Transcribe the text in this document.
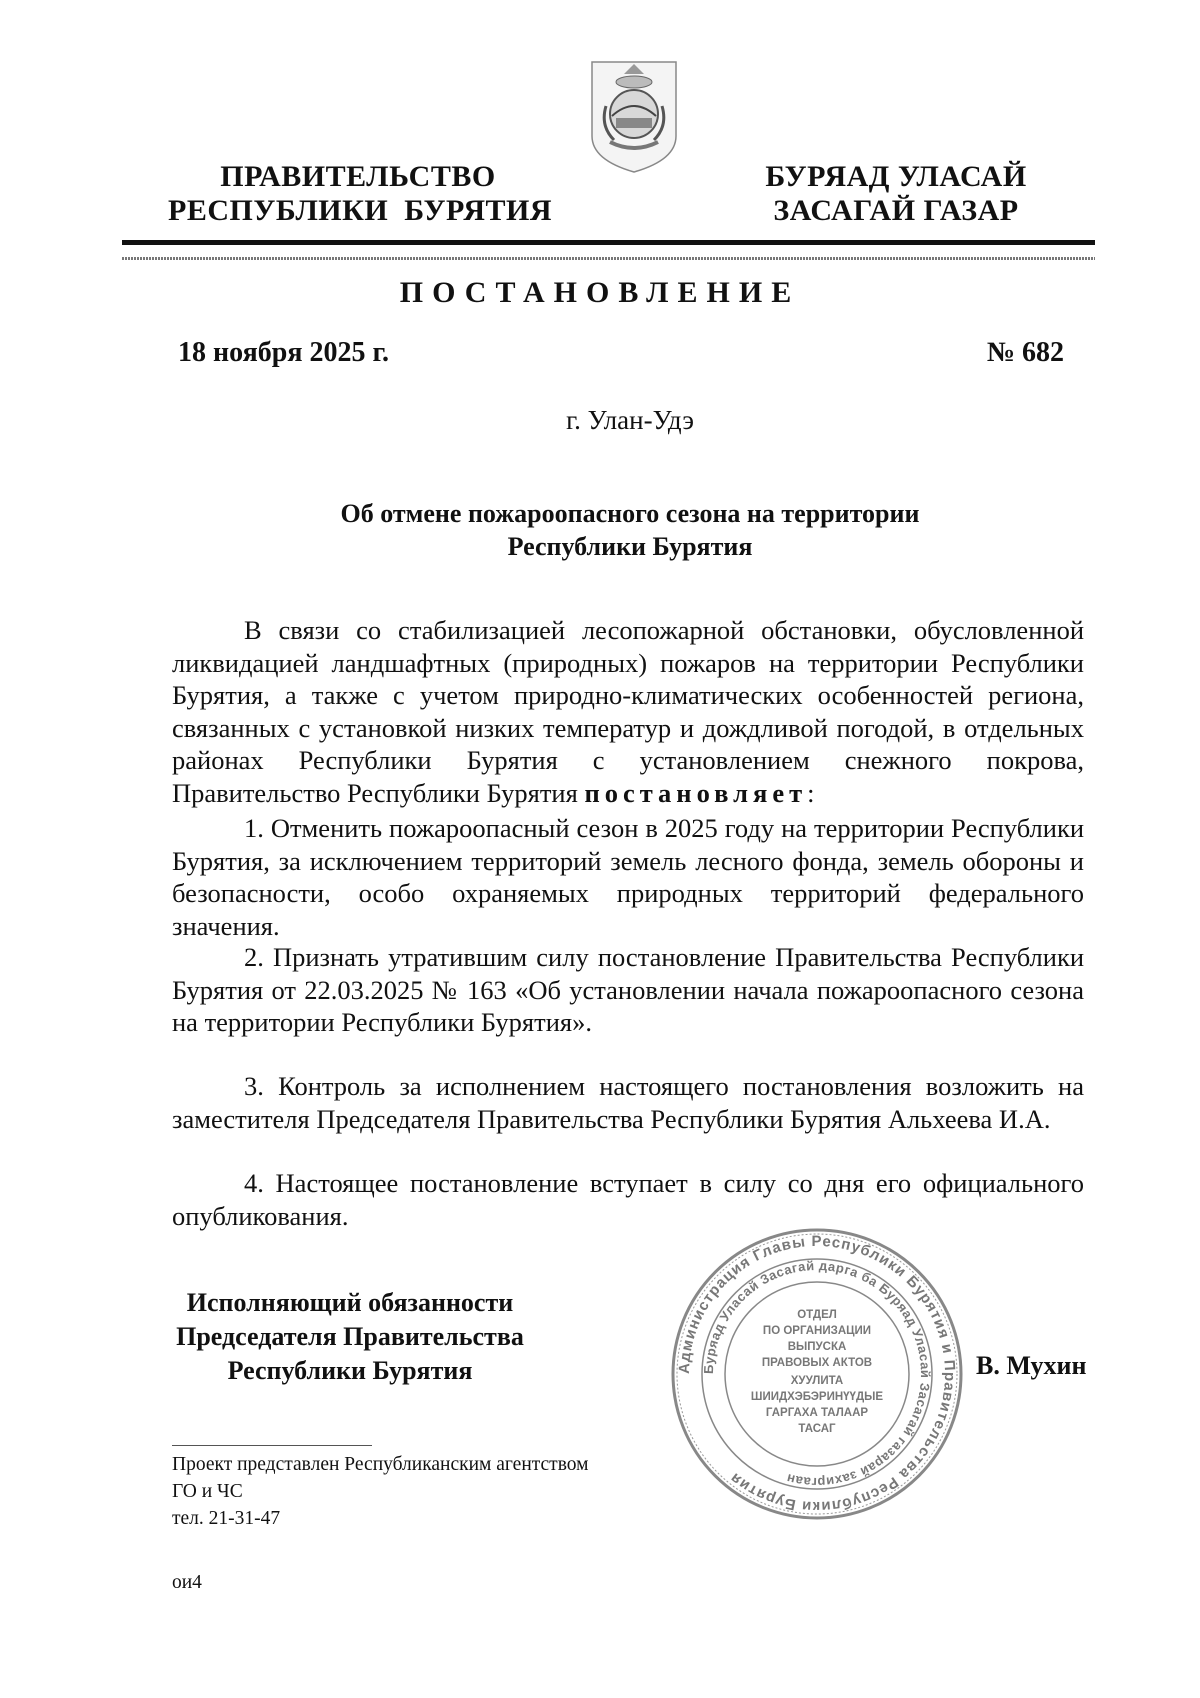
ПРАВИТЕЛЬСТВО
РЕСПУБЛИКИ  БУРЯТИЯ
БУРЯАД УЛАСАЙ
ЗАСАГАЙ ГАЗАР
ПОСТАНОВЛЕНИЕ
18 ноября 2025 г.	№ 682
г. Улан-Удэ
Об отмене пожароопасного сезона на территории
Республики Бурятия
В связи со стабилизацией лесопожарной обстановки, обусловленной ликвидацией ландшафтных (природных) пожаров на территории Республики Бурятия, а также с учетом природно-климатических особенностей региона, связанных с установкой низких температур и дождливой погодой, в отдельных районах Республики Бурятия с установлением снежного покрова, Правительство Республики Бурятия постановляет:
1. Отменить пожароопасный сезон в 2025 году на территории Республики Бурятия, за исключением территорий земель лесного фонда, земель обороны и безопасности, особо охраняемых природных территорий федерального значения.
2. Признать утратившим силу постановление Правительства Республики Бурятия от 22.03.2025 № 163 «Об установлении начала пожароопасного сезона на территории Республики Бурятия».
3. Контроль за исполнением настоящего постановления возложить на заместителя Председателя Правительства Республики Бурятия Альхеева И.А.
4. Настоящее постановление вступает в силу со дня его официального опубликования.
Исполняющий обязанности
Председателя Правительства
Республики Бурятия	В. Мухин
Администрация Главы Республики Бурятия и Правительства Республики Бурятия
Буряад Уласай Засагай дарга ба Буряад Уласай Засагай газарай захиргаан
ОТДЕЛ
ПО ОРГАНИЗАЦИИ
ВЫПУСКА
ПРАВОВЫХ АКТОВ
ХУУЛИТА
ШИИДХЭБЭРИНҮҮДЫЕ
ГАРГАХА ТАЛААР
ТАСАГ
Проект представлен Республиканским агентством
ГО и ЧС
тел. 21-31-47
ои4
